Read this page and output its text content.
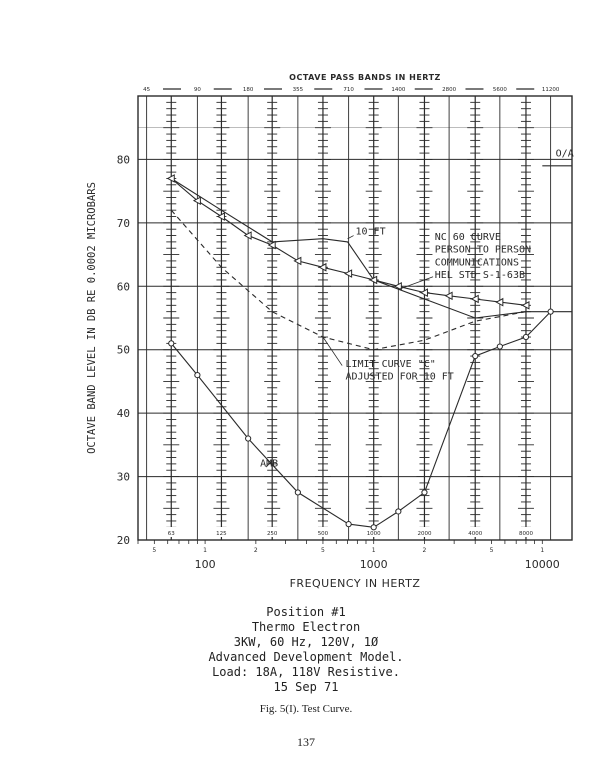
20
30
40
50
60
70
80
63	125	250	500	1000	2000	4000	8000
OCTAVE PASS BANDS IN HERTZ
45	90	180	355	710	1400	2800	5600	11200
5	1	2	5	1	2	5	1
100	1000	10000
FREQUENCY IN HERTZ
OCTAVE BAND LEVEL IN DB RE 0.0002 MICROBARS
O/A
10 FT
NC 60 CURVE
PERSON TO PERSON
COMMUNICATIONS
HEL STD S-1-63B
LIMIT CURVE "C"
ADJUSTED FOR 10 FT
AMB
Position #1
Thermo Electron
3KW, 60 Hz, 120V, 1Ø
Advanced Development Model.
Load: 18A, 118V Resistive.
15 Sep 71
Fig. 5(I). Test Curve.
137
